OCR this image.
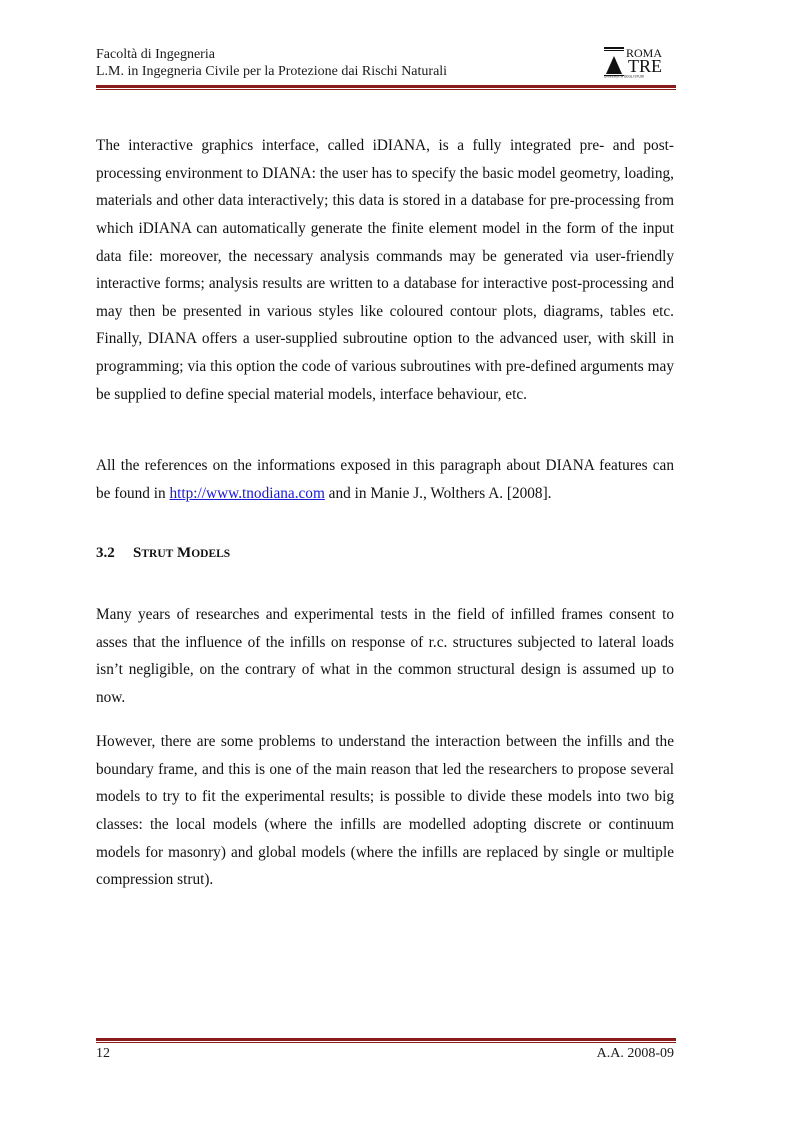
Facoltà di Ingegneria
L.M. in Ingegneria Civile per la Protezione dai Rischi Naturali
ROMA
TRE
UNIVERSITÀ DEGLI STUDI

The interactive graphics interface, called iDIANA, is a fully integrated pre- and post-processing environment to DIANA: the user has to specify the basic model geometry, loading, materials and other data interactively; this data is stored in a database for pre-processing from which iDIANA can automatically generate the finite element model in the form of the input data file: moreover, the necessary analysis commands may be generated via user-friendly interactive forms; analysis results are written to a database for interactive post-processing and may then be presented in various styles like coloured contour plots, diagrams, tables etc. Finally, DIANA offers a user-supplied subroutine option to the advanced user, with skill in programming; via this option the code of various subroutines with pre-defined arguments may be supplied to define special material models, interface behaviour, etc.

All the references on the informations exposed in this paragraph about DIANA features can be found in http://www.tnodiana.com and in Manie J., Wolthers A. [2008].

3.2 STRUT MODELS

Many years of researches and experimental tests in the field of infilled frames consent to asses that the influence of the infills on response of r.c. structures subjected to lateral loads isn’t negligible, on the contrary of what in the common structural design is assumed up to now.

However, there are some problems to understand the interaction between the infills and the boundary frame, and this is one of the main reason that led the researchers to propose several models to try to fit the experimental results; is possible to divide these models into two big classes: the local models (where the infills are modelled adopting discrete or continuum models for masonry) and global models (where the infills are replaced by single or multiple compression strut).

12	A.A. 2008-09
